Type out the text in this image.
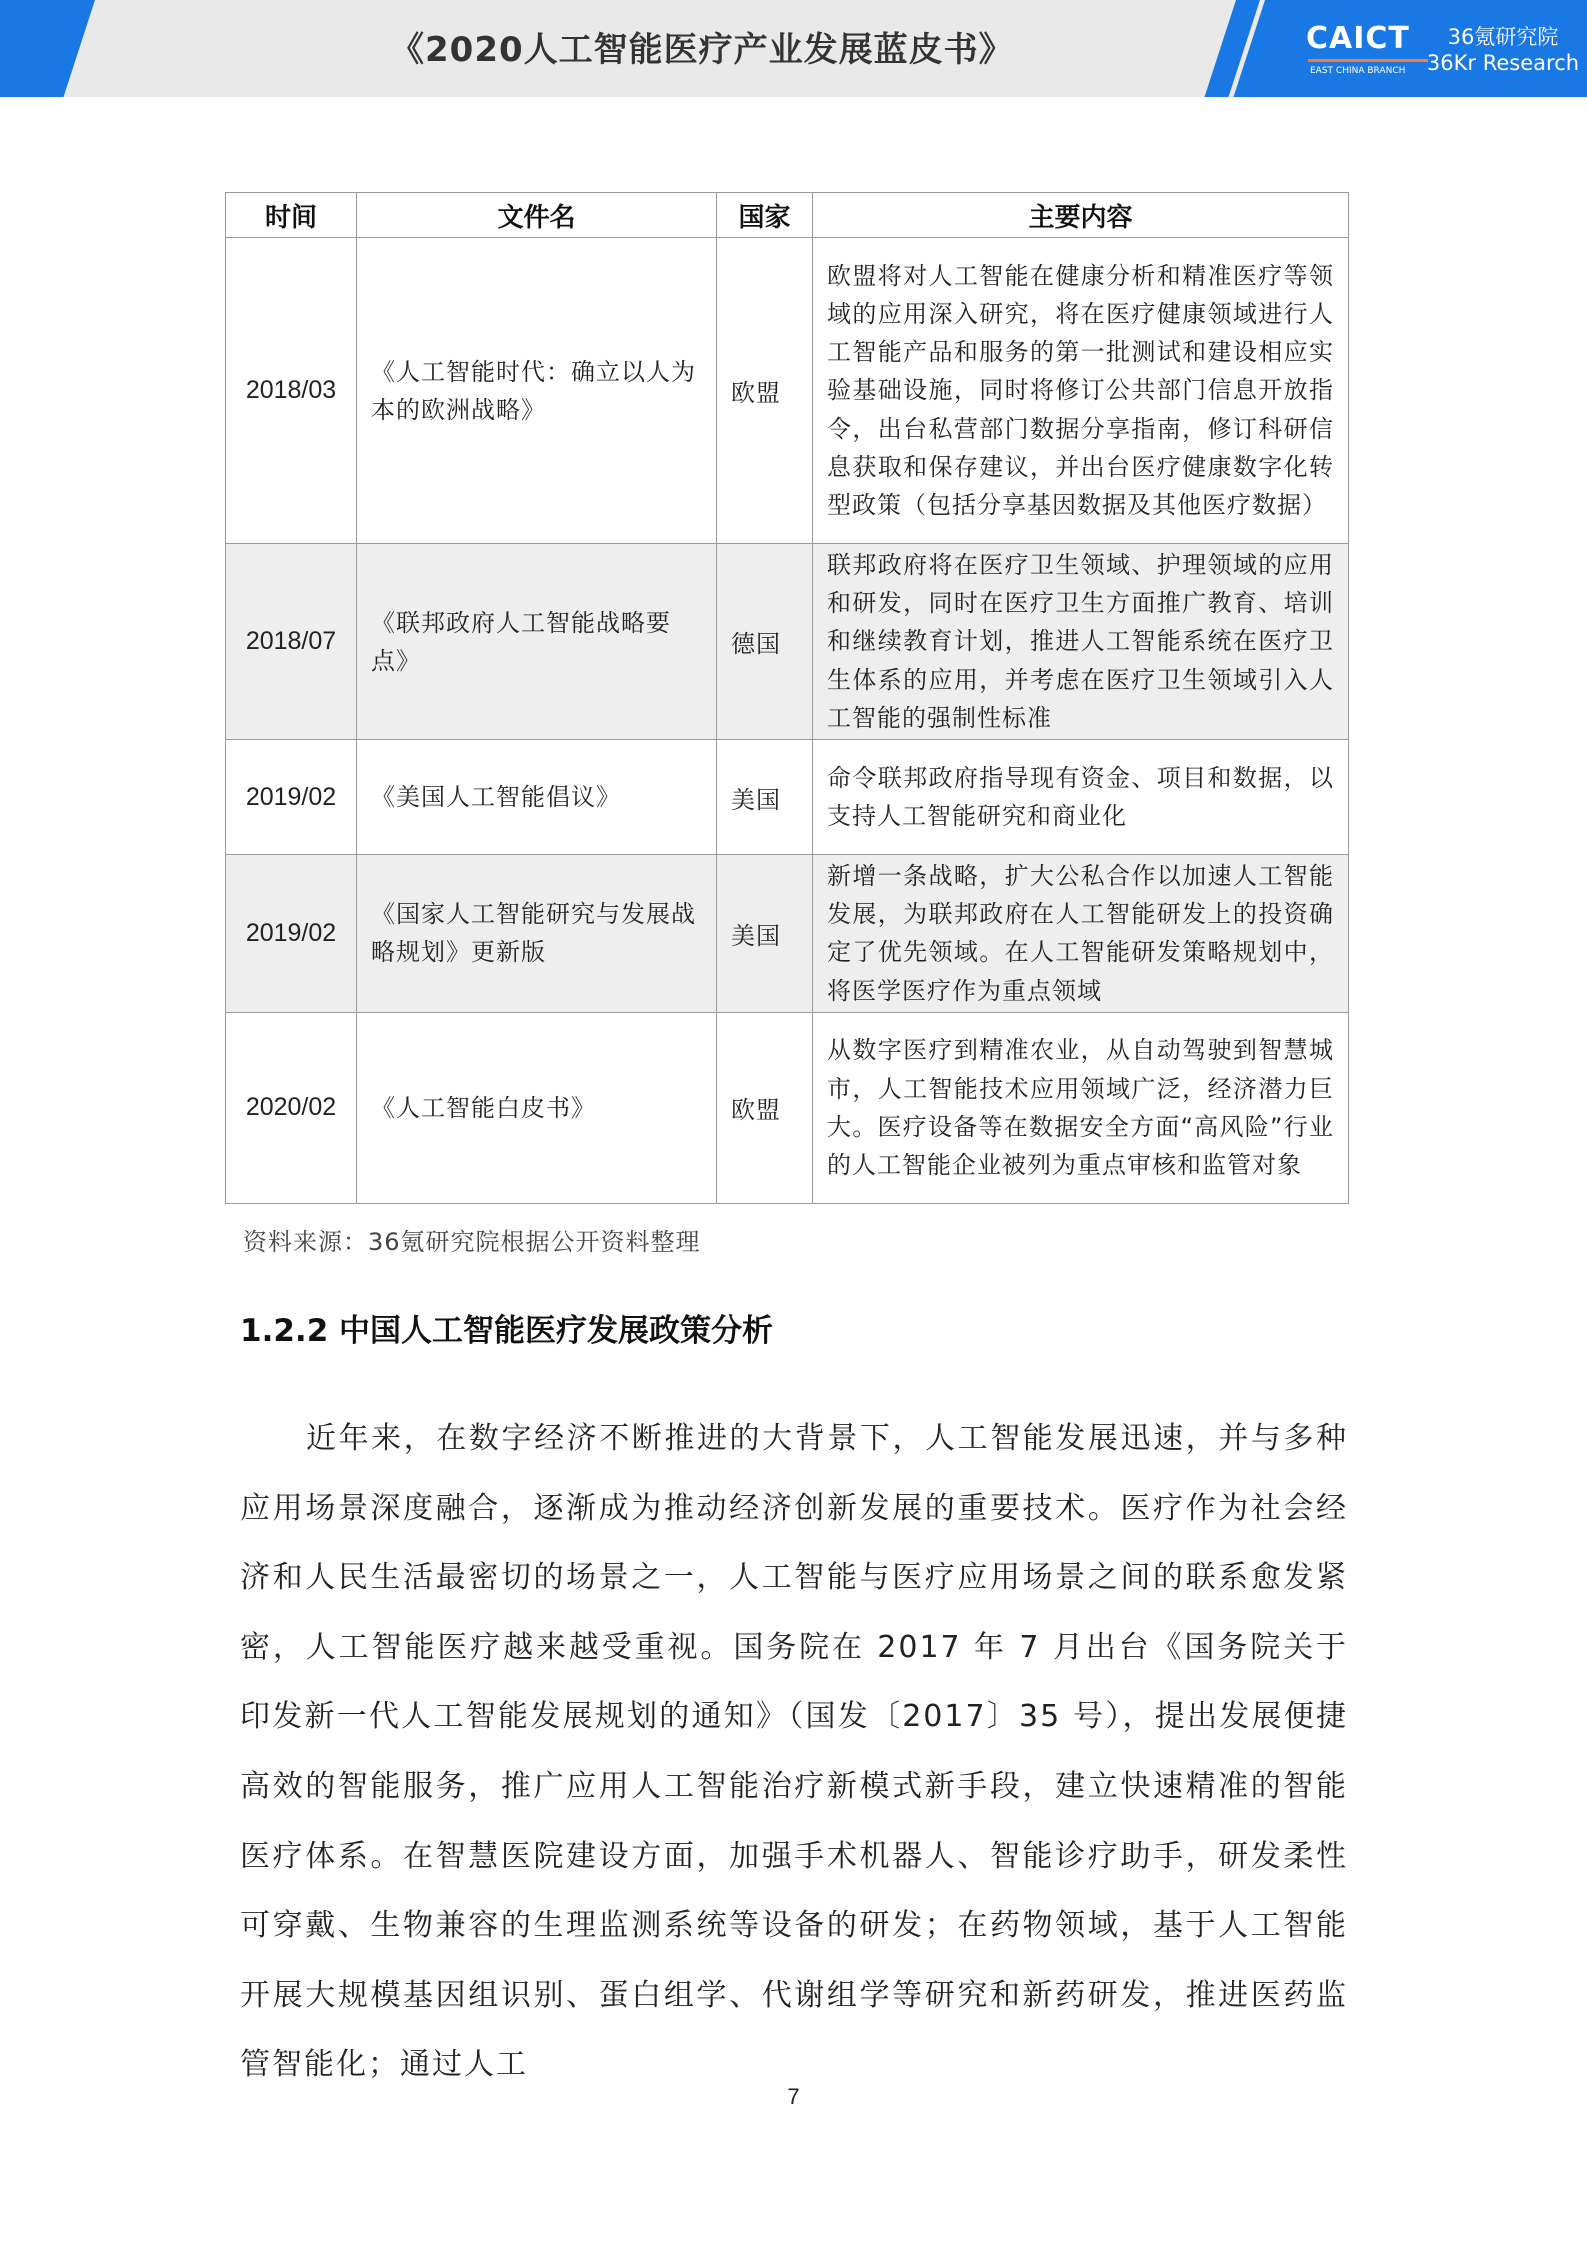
《2020人工智能医疗产业发展蓝皮书》	CAICT
EAST CHINA BRANCH
36氪研究院
36Kr Research
时间	文件名	国家	主要内容
2018/03	《人工智能时代：确立以人为本的欧洲战略》	欧盟	欧盟将对人工智能在健康分析和精准医疗等领域的应用深入研究，将在医疗健康领域进行人工智能产品和服务的第一批测试和建设相应实验基础设施，同时将修订公共部门信息开放指令，出台私营部门数据分享指南，修订科研信息获取和保存建议，并出台医疗健康数字化转型政策（包括分享基因数据及其他医疗数据）
2018/07	《联邦政府人工智能战略要点》	德国	联邦政府将在医疗卫生领域、护理领域的应用和研发，同时在医疗卫生方面推广教育、培训和继续教育计划，推进人工智能系统在医疗卫生体系的应用，并考虑在医疗卫生领域引入人工智能的强制性标准
2019/02	《美国人工智能倡议》	美国	命令联邦政府指导现有资金、项目和数据，以支持人工智能研究和商业化
2019/02	《国家人工智能研究与发展战略规划》更新版	美国	新增一条战略，扩大公私合作以加速人工智能发展，为联邦政府在人工智能研发上的投资确定了优先领域。在人工智能研发策略规划中，将医学医疗作为重点领域
2020/02	《人工智能白皮书》	欧盟	从数字医疗到精准农业，从自动驾驶到智慧城市，人工智能技术应用领域广泛，经济潜力巨大。医疗设备等在数据安全方面“高风险”行业的人工智能企业被列为重点审核和监管对象
资料来源：36氪研究院根据公开资料整理
1.2.2 中国人工智能医疗发展政策分析
近年来，在数字经济不断推进的大背景下，人工智能发展迅速，并与多种应用场景深度融合，逐渐成为推动经济创新发展的重要技术。医疗作为社会经济和人民生活最密切的场景之一，人工智能与医疗应用场景之间的联系愈发紧密，人工智能医疗越来越受重视。国务院在 2017 年 7 月出台《国务院关于印发新一代人工智能发展规划的通知》（国发〔2017〕35 号），提出发展便捷高效的智能服务，推广应用人工智能治疗新模式新手段，建立快速精准的智能医疗体系。在智慧医院建设方面，加强手术机器人、智能诊疗助手，研发柔性可穿戴、生物兼容的生理监测系统等设备的研发；在药物领域，基于人工智能开展大规模基因组识别、蛋白组学、代谢组学等研究和新药研发，推进医药监管智能化；通过人工
7
